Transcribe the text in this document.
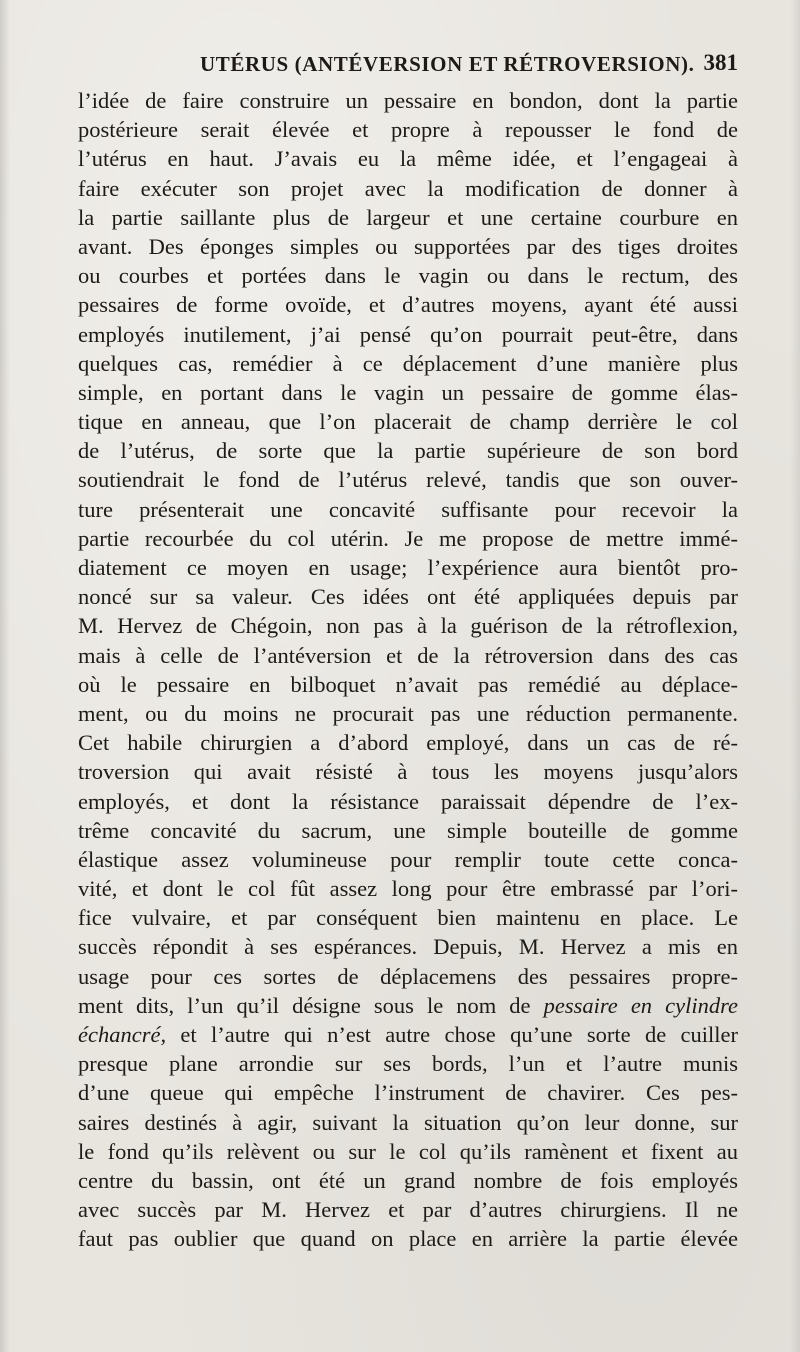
UTÉRUS (ANTÉVERSION ET RÉTROVERSION). 381
l’idée de faire construire un pessaire en bondon, dont la partie
postérieure serait élevée et propre à repousser le fond de
l’utérus en haut. J’avais eu la même idée, et l’engageai à
faire exécuter son projet avec la modification de donner à
la partie saillante plus de largeur et une certaine courbure en
avant. Des éponges simples ou supportées par des tiges droites
ou courbes et portées dans le vagin ou dans le rectum, des
pessaires de forme ovoïde, et d’autres moyens, ayant été aussi
employés inutilement, j’ai pensé qu’on pourrait peut-être, dans
quelques cas, remédier à ce déplacement d’une manière plus
simple, en portant dans le vagin un pessaire de gomme élas-
tique en anneau, que l’on placerait de champ derrière le col
de l’utérus, de sorte que la partie supérieure de son bord
soutiendrait le fond de l’utérus relevé, tandis que son ouver-
ture présenterait une concavité suffisante pour recevoir la
partie recourbée du col utérin. Je me propose de mettre immé-
diatement ce moyen en usage; l’expérience aura bientôt pro-
noncé sur sa valeur. Ces idées ont été appliquées depuis par
M. Hervez de Chégoin, non pas à la guérison de la rétroflexion,
mais à celle de l’antéversion et de la rétroversion dans des cas
où le pessaire en bilboquet n’avait pas remédié au déplace-
ment, ou du moins ne procurait pas une réduction permanente.
Cet habile chirurgien a d’abord employé, dans un cas de ré-
troversion qui avait résisté à tous les moyens jusqu’alors
employés, et dont la résistance paraissait dépendre de l’ex-
trême concavité du sacrum, une simple bouteille de gomme
élastique assez volumineuse pour remplir toute cette conca-
vité, et dont le col fût assez long pour être embrassé par l’ori-
fice vulvaire, et par conséquent bien maintenu en place. Le
succès répondit à ses espérances. Depuis, M. Hervez a mis en
usage pour ces sortes de déplacemens des pessaires propre-
ment dits, l’un qu’il désigne sous le nom de pessaire en cylindre
échancré, et l’autre qui n’est autre chose qu’une sorte de cuiller
presque plane arrondie sur ses bords, l’un et l’autre munis
d’une queue qui empêche l’instrument de chavirer. Ces pes-
saires destinés à agir, suivant la situation qu’on leur donne, sur
le fond qu’ils relèvent ou sur le col qu’ils ramènent et fixent au
centre du bassin, ont été un grand nombre de fois employés
avec succès par M. Hervez et par d’autres chirurgiens. Il ne
faut pas oublier que quand on place en arrière la partie élevée
